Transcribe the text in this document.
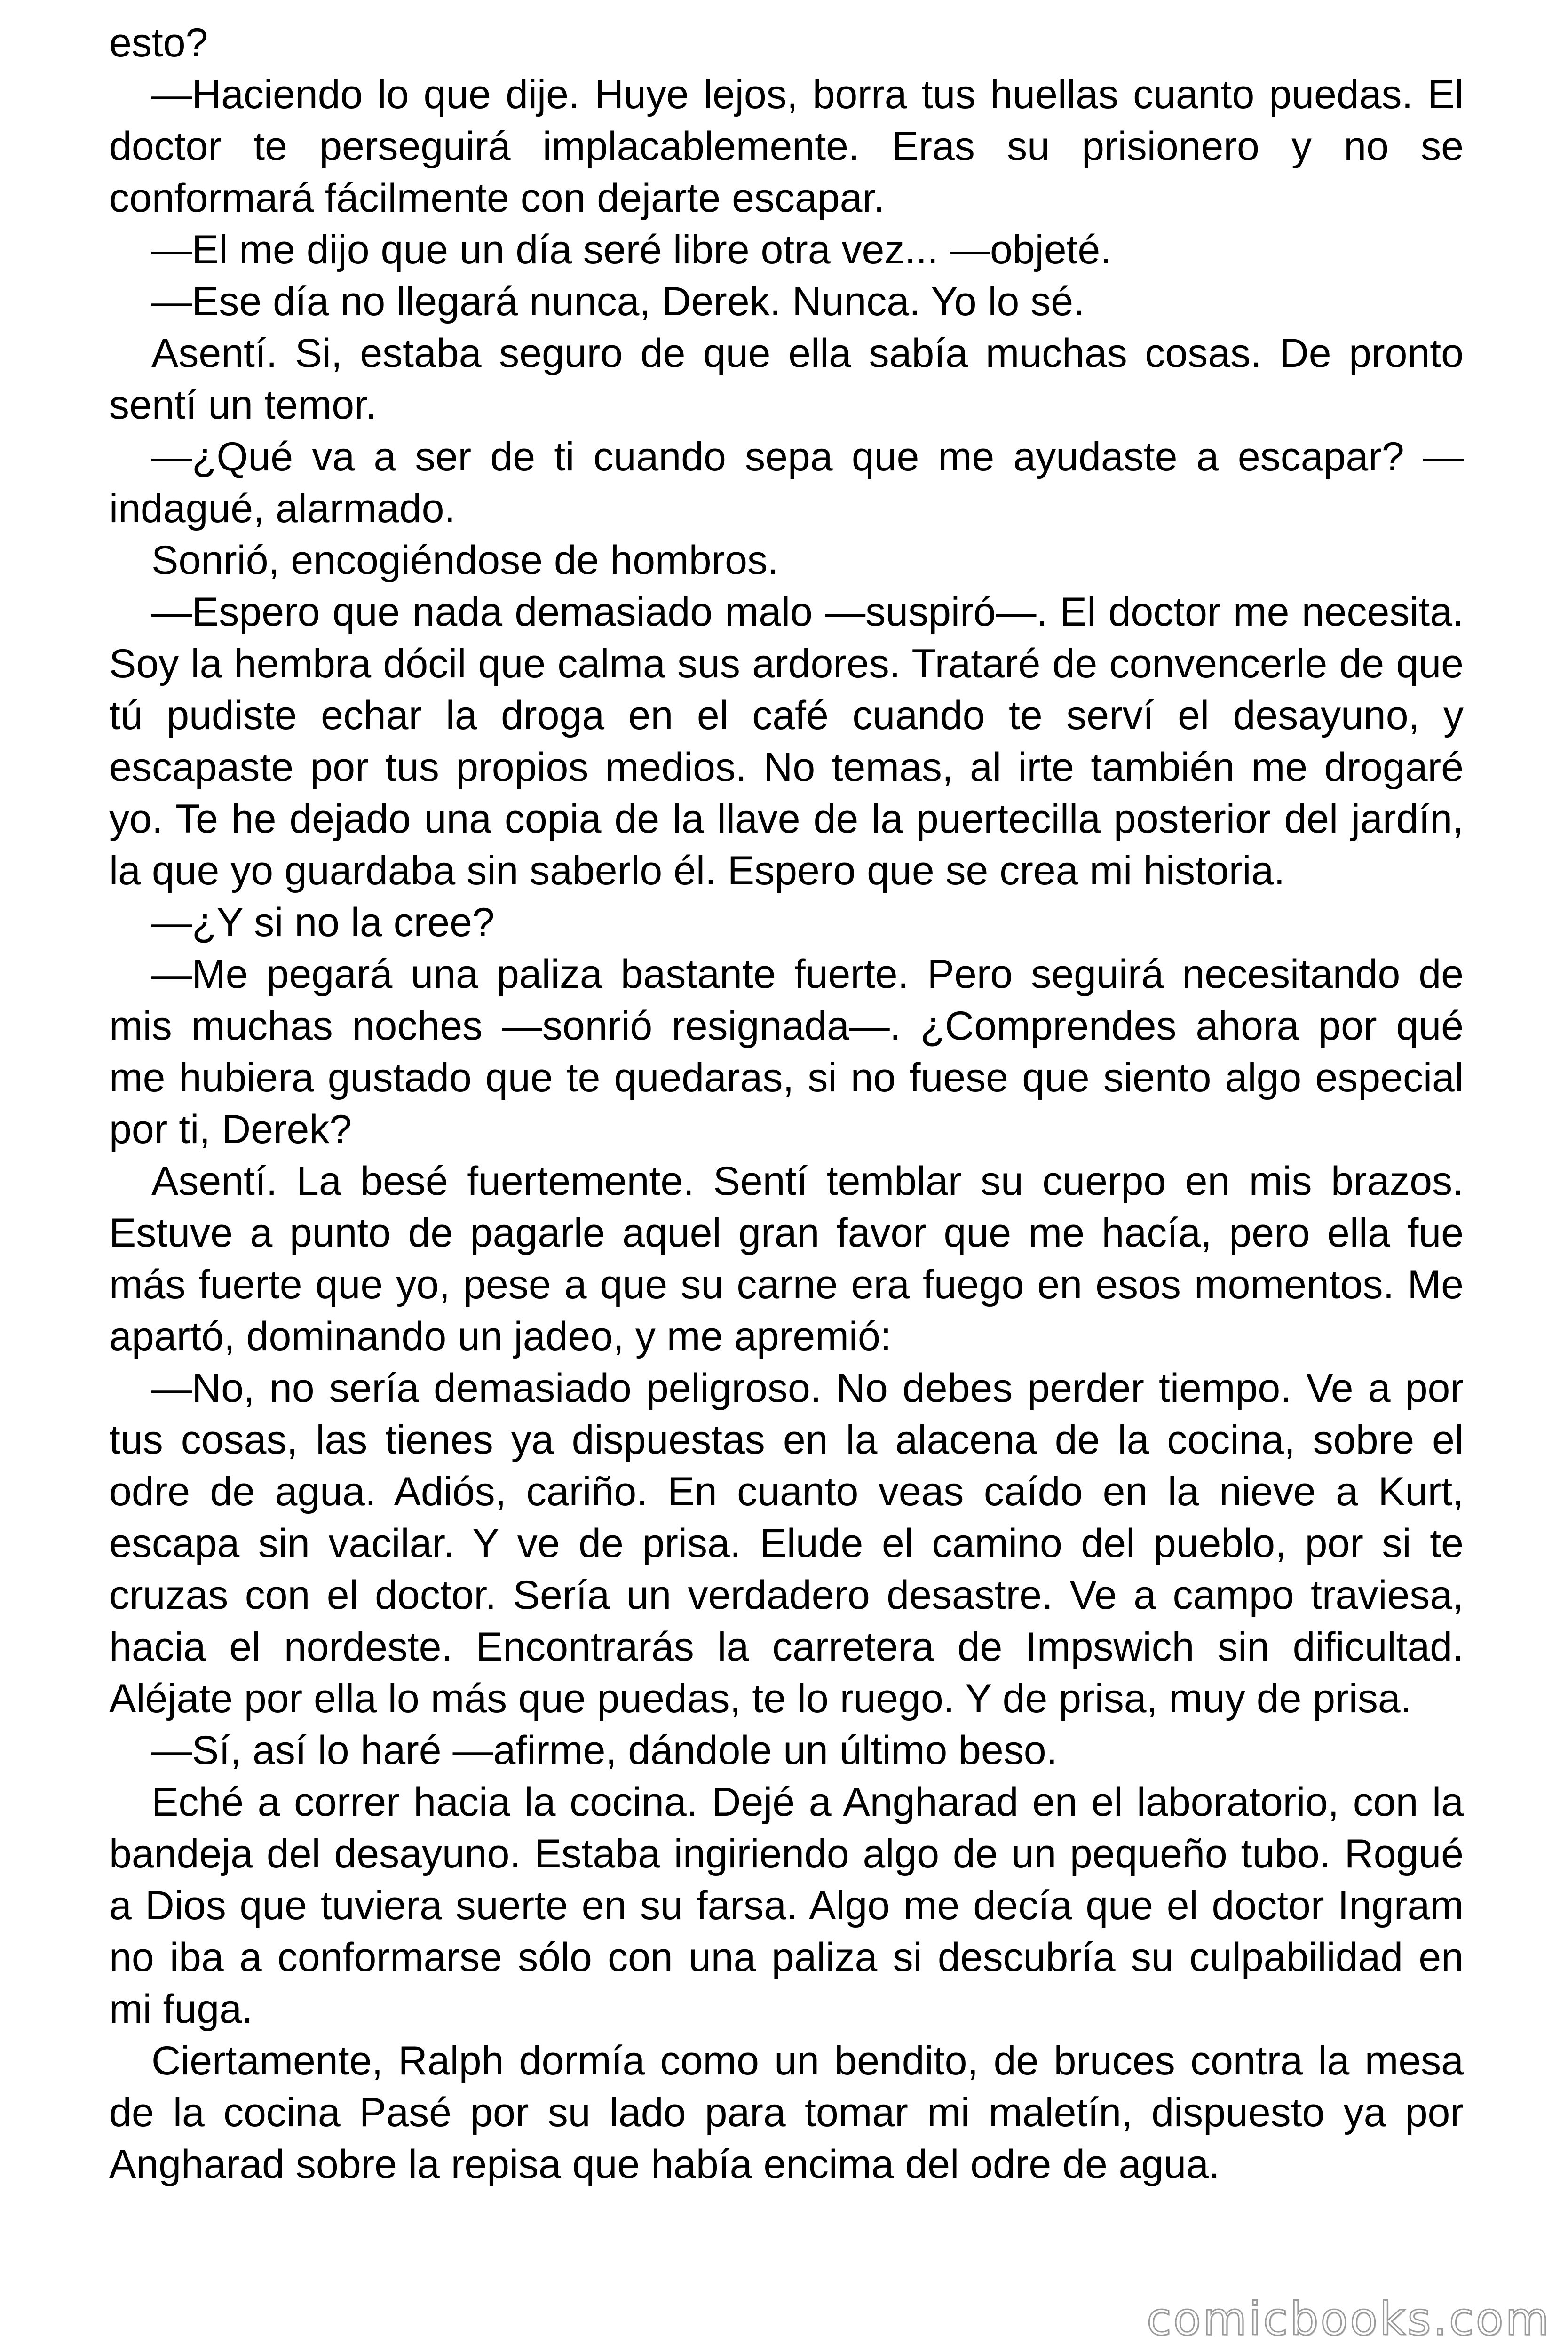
esto?

—Haciendo lo que dije. Huye lejos, borra tus huellas cuanto puedas. El doctor te perseguirá implacablemente. Eras su prisionero y no se conformará fácilmente con dejarte escapar.

—El me dijo que un día seré libre otra vez... —objeté.

—Ese día no llegará nunca, Derek. Nunca. Yo lo sé.

Asentí. Si, estaba seguro de que ella sabía muchas cosas. De pronto sentí un temor.

—¿Qué va a ser de ti cuando sepa que me ayudaste a escapar? —indagué, alarmado.

Sonrió, encogiéndose de hombros.

—Espero que nada demasiado malo —suspiró—. El doctor me necesita. Soy la hembra dócil que calma sus ardores. Trataré de convencerle de que tú pudiste echar la droga en el café cuando te serví el desayuno, y escapaste por tus propios medios. No temas, al irte también me drogaré yo. Te he dejado una copia de la llave de la puertecilla posterior del jardín, la que yo guardaba sin saberlo él. Espero que se crea mi historia.

—¿Y si no la cree?

—Me pegará una paliza bastante fuerte. Pero seguirá necesitando de mis muchas noches —sonrió resignada—. ¿Comprendes ahora por qué me hubiera gustado que te quedaras, si no fuese que siento algo especial por ti, Derek?

Asentí. La besé fuertemente. Sentí temblar su cuerpo en mis brazos. Estuve a punto de pagarle aquel gran favor que me hacía, pero ella fue más fuerte que yo, pese a que su carne era fuego en esos momentos. Me apartó, dominando un jadeo, y me apremió:

—No, no sería demasiado peligroso. No debes perder tiempo. Ve a por tus cosas, las tienes ya dispuestas en la alacena de la cocina, sobre el odre de agua. Adiós, cariño. En cuanto veas caído en la nieve a Kurt, escapa sin vacilar. Y ve de prisa. Elude el camino del pueblo, por si te cruzas con el doctor. Sería un verdadero desastre. Ve a campo traviesa, hacia el nordeste. Encontrarás la carretera de Impswich sin dificultad. Aléjate por ella lo más que puedas, te lo ruego. Y de prisa, muy de prisa.

—Sí, así lo haré —afirme, dándole un último beso.

Eché a correr hacia la cocina. Dejé a Angharad en el laboratorio, con la bandeja del desayuno. Estaba ingiriendo algo de un pequeño tubo. Rogué a Dios que tuviera suerte en su farsa. Algo me decía que el doctor Ingram no iba a conformarse sólo con una paliza si descubría su culpabilidad en mi fuga.

Ciertamente, Ralph dormía como un bendito, de bruces contra la mesa de la cocina Pasé por su lado para tomar mi maletín, dispuesto ya por Angharad sobre la repisa que había encima del odre de agua.

comicbooks.com
